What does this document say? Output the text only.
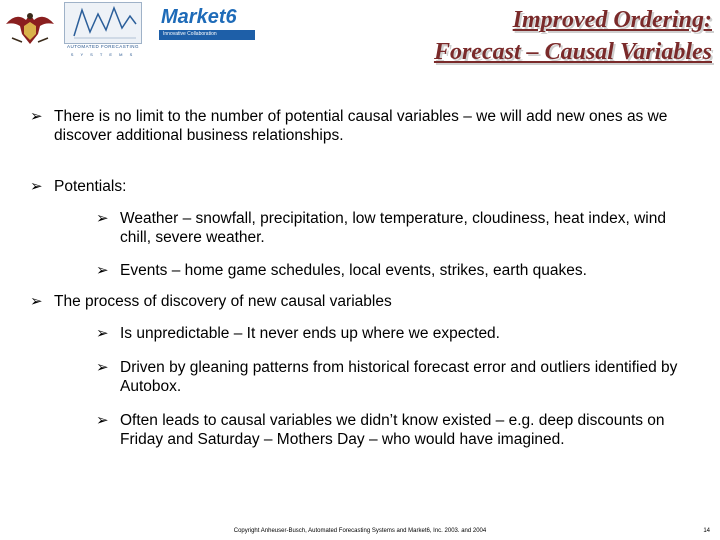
AUTOMATED FORECASTING
S Y S T E M S
Market6
Innovative Collaboration
Improved Ordering:
Forecast – Causal Variables
➢ There is no limit to the number of potential causal variables – we will add new ones as we discover additional business relationships.
➢ Potentials:
➢ Weather – snowfall, precipitation, low temperature, cloudiness, heat index, wind chill, severe weather.
➢ Events – home game schedules, local events, strikes, earth quakes.
➢ The process of discovery of new causal variables
➢ Is unpredictable – It never ends up where we expected.
➢ Driven by gleaning patterns from historical forecast error and outliers identified by Autobox.
➢ Often leads to causal variables we didn’t know existed – e.g. deep discounts on Friday and Saturday – Mothers Day – who would have imagined.
Copyright Anheuser-Busch, Automated Forecasting Systems and Market6, Inc. 2003. and 2004	14
